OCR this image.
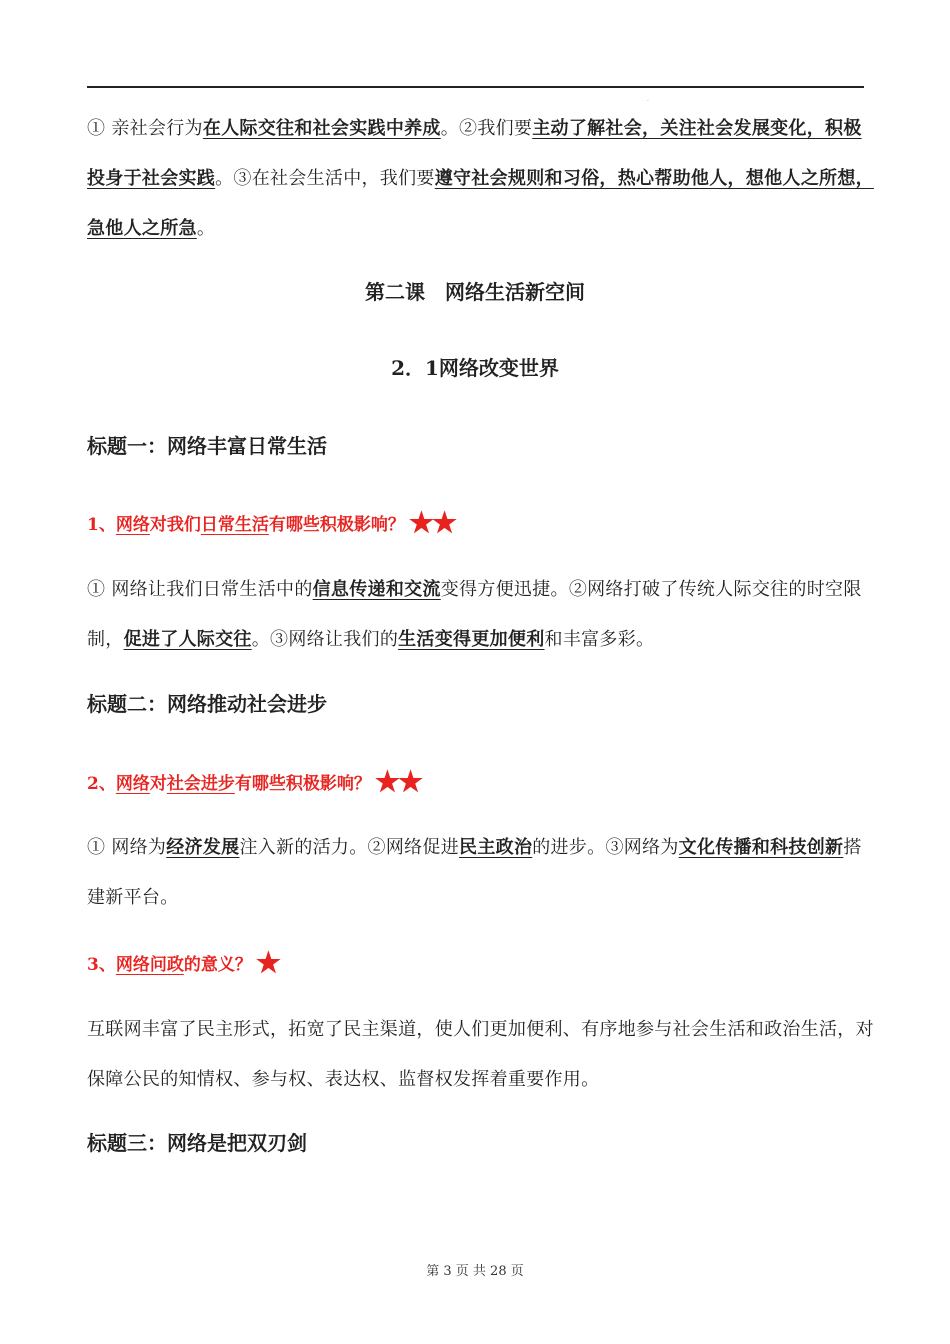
.
① 亲社会行为在人际交往和社会实践中养成。②我们要主动了解社会，关注社会发展变化，积极投身于社会实践。③在社会生活中，我们要遵守社会规则和习俗，热心帮助他人，想他人之所想，急他人之所急。
第二课　网络生活新空间
2．1网络改变世界
标题一：网络丰富日常生活
1、网络对我们日常生活有哪些积极影响？ ★★
① 网络让我们日常生活中的信息传递和交流变得方便迅捷。②网络打破了传统人际交往的时空限制，促进了人际交往。③网络让我们的生活变得更加便利和丰富多彩。
标题二：网络推动社会进步
2、网络对社会进步有哪些积极影响？ ★★
① 网络为经济发展注入新的活力。②网络促进民主政治的进步。③网络为文化传播和科技创新搭建新平台。
3、网络问政的意义？ ★
互联网丰富了民主形式，拓宽了民主渠道，使人们更加便利、有序地参与社会生活和政治生活，对保障公民的知情权、参与权、表达权、监督权发挥着重要作用。
标题三：网络是把双刃剑
第 3 页 共 28 页
